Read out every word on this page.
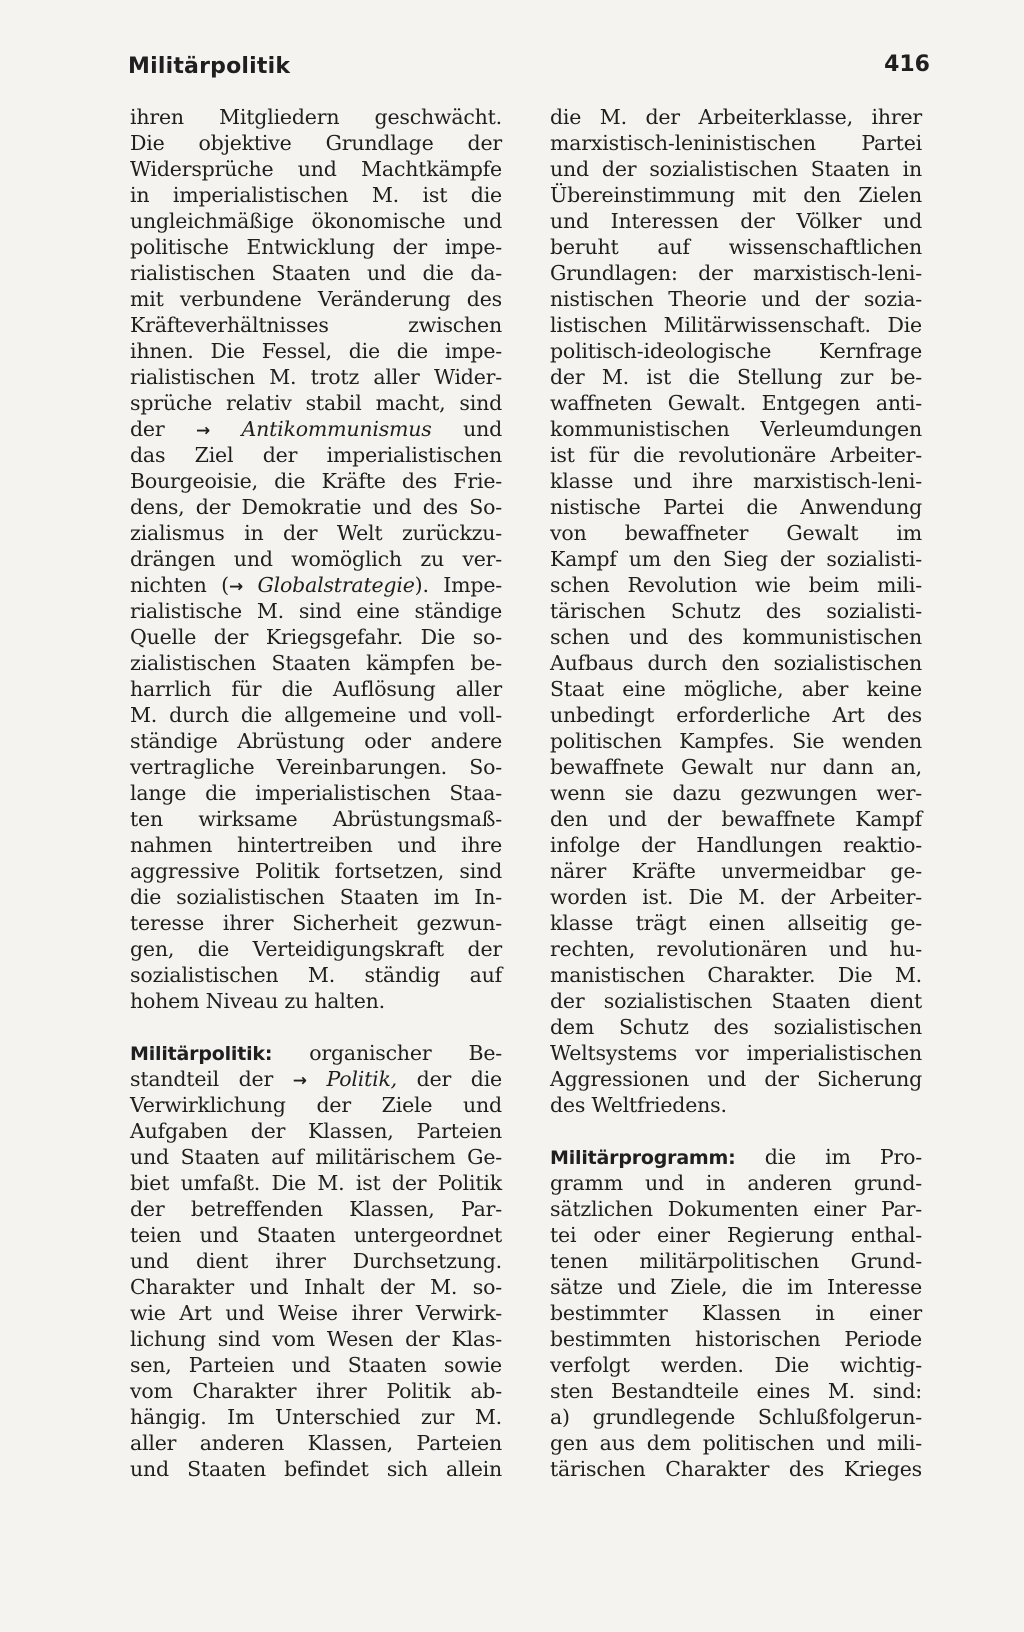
Militärpolitik	416
ihren Mitgliedern geschwächt.
Die objektive Grundlage der
Widersprüche und Machtkämpfe
in imperialistischen M. ist die
ungleichmäßige ökonomische und
politische Entwicklung der impe-
rialistischen Staaten und die da-
mit verbundene Veränderung des
Kräfteverhältnisses zwischen
ihnen. Die Fessel, die die impe-
rialistischen M. trotz aller Wider-
sprüche relativ stabil macht, sind
der → Antikommunismus und
das Ziel der imperialistischen
Bourgeoisie, die Kräfte des Frie-
dens, der Demokratie und des So-
zialismus in der Welt zurückzu-
drängen und womöglich zu ver-
nichten (→ Globalstrategie). Impe-
rialistische M. sind eine ständige
Quelle der Kriegsgefahr. Die so-
zialistischen Staaten kämpfen be-
harrlich für die Auflösung aller
M. durch die allgemeine und voll-
ständige Abrüstung oder andere
vertragliche Vereinbarungen. So-
lange die imperialistischen Staa-
ten wirksame Abrüstungsmaß-
nahmen hintertreiben und ihre
aggressive Politik fortsetzen, sind
die sozialistischen Staaten im In-
teresse ihrer Sicherheit gezwun-
gen, die Verteidigungskraft der
sozialistischen M. ständig auf
hohem Niveau zu halten.
Militärpolitik: organischer Be-
standteil der → Politik, der die
Verwirklichung der Ziele und
Aufgaben der Klassen, Parteien
und Staaten auf militärischem Ge-
biet umfaßt. Die M. ist der Politik
der betreffenden Klassen, Par-
teien und Staaten untergeordnet
und dient ihrer Durchsetzung.
Charakter und Inhalt der M. so-
wie Art und Weise ihrer Verwirk-
lichung sind vom Wesen der Klas-
sen, Parteien und Staaten sowie
vom Charakter ihrer Politik ab-
hängig. Im Unterschied zur M.
aller anderen Klassen, Parteien
und Staaten befindet sich allein
die M. der Arbeiterklasse, ihrer
marxistisch-leninistischen Partei
und der sozialistischen Staaten in
Übereinstimmung mit den Zielen
und Interessen der Völker und
beruht auf wissenschaftlichen
Grundlagen: der marxistisch-leni-
nistischen Theorie und der sozia-
listischen Militärwissenschaft. Die
politisch-ideologische Kernfrage
der M. ist die Stellung zur be-
waffneten Gewalt. Entgegen anti-
kommunistischen Verleumdungen
ist für die revolutionäre Arbeiter-
klasse und ihre marxistisch-leni-
nistische Partei die Anwendung
von bewaffneter Gewalt im
Kampf um den Sieg der sozialisti-
schen Revolution wie beim mili-
tärischen Schutz des sozialisti-
schen und des kommunistischen
Aufbaus durch den sozialistischen
Staat eine mögliche, aber keine
unbedingt erforderliche Art des
politischen Kampfes. Sie wenden
bewaffnete Gewalt nur dann an,
wenn sie dazu gezwungen wer-
den und der bewaffnete Kampf
infolge der Handlungen reaktio-
närer Kräfte unvermeidbar ge-
worden ist. Die M. der Arbeiter-
klasse trägt einen allseitig ge-
rechten, revolutionären und hu-
manistischen Charakter. Die M.
der sozialistischen Staaten dient
dem Schutz des sozialistischen
Weltsystems vor imperialistischen
Aggressionen und der Sicherung
des Weltfriedens.
Militärprogramm: die im Pro-
gramm und in anderen grund-
sätzlichen Dokumenten einer Par-
tei oder einer Regierung enthal-
tenen militärpolitischen Grund-
sätze und Ziele, die im Interesse
bestimmter Klassen in einer
bestimmten historischen Periode
verfolgt werden. Die wichtig-
sten Bestandteile eines M. sind:
a) grundlegende Schlußfolgerun-
gen aus dem politischen und mili-
tärischen Charakter des Krieges
